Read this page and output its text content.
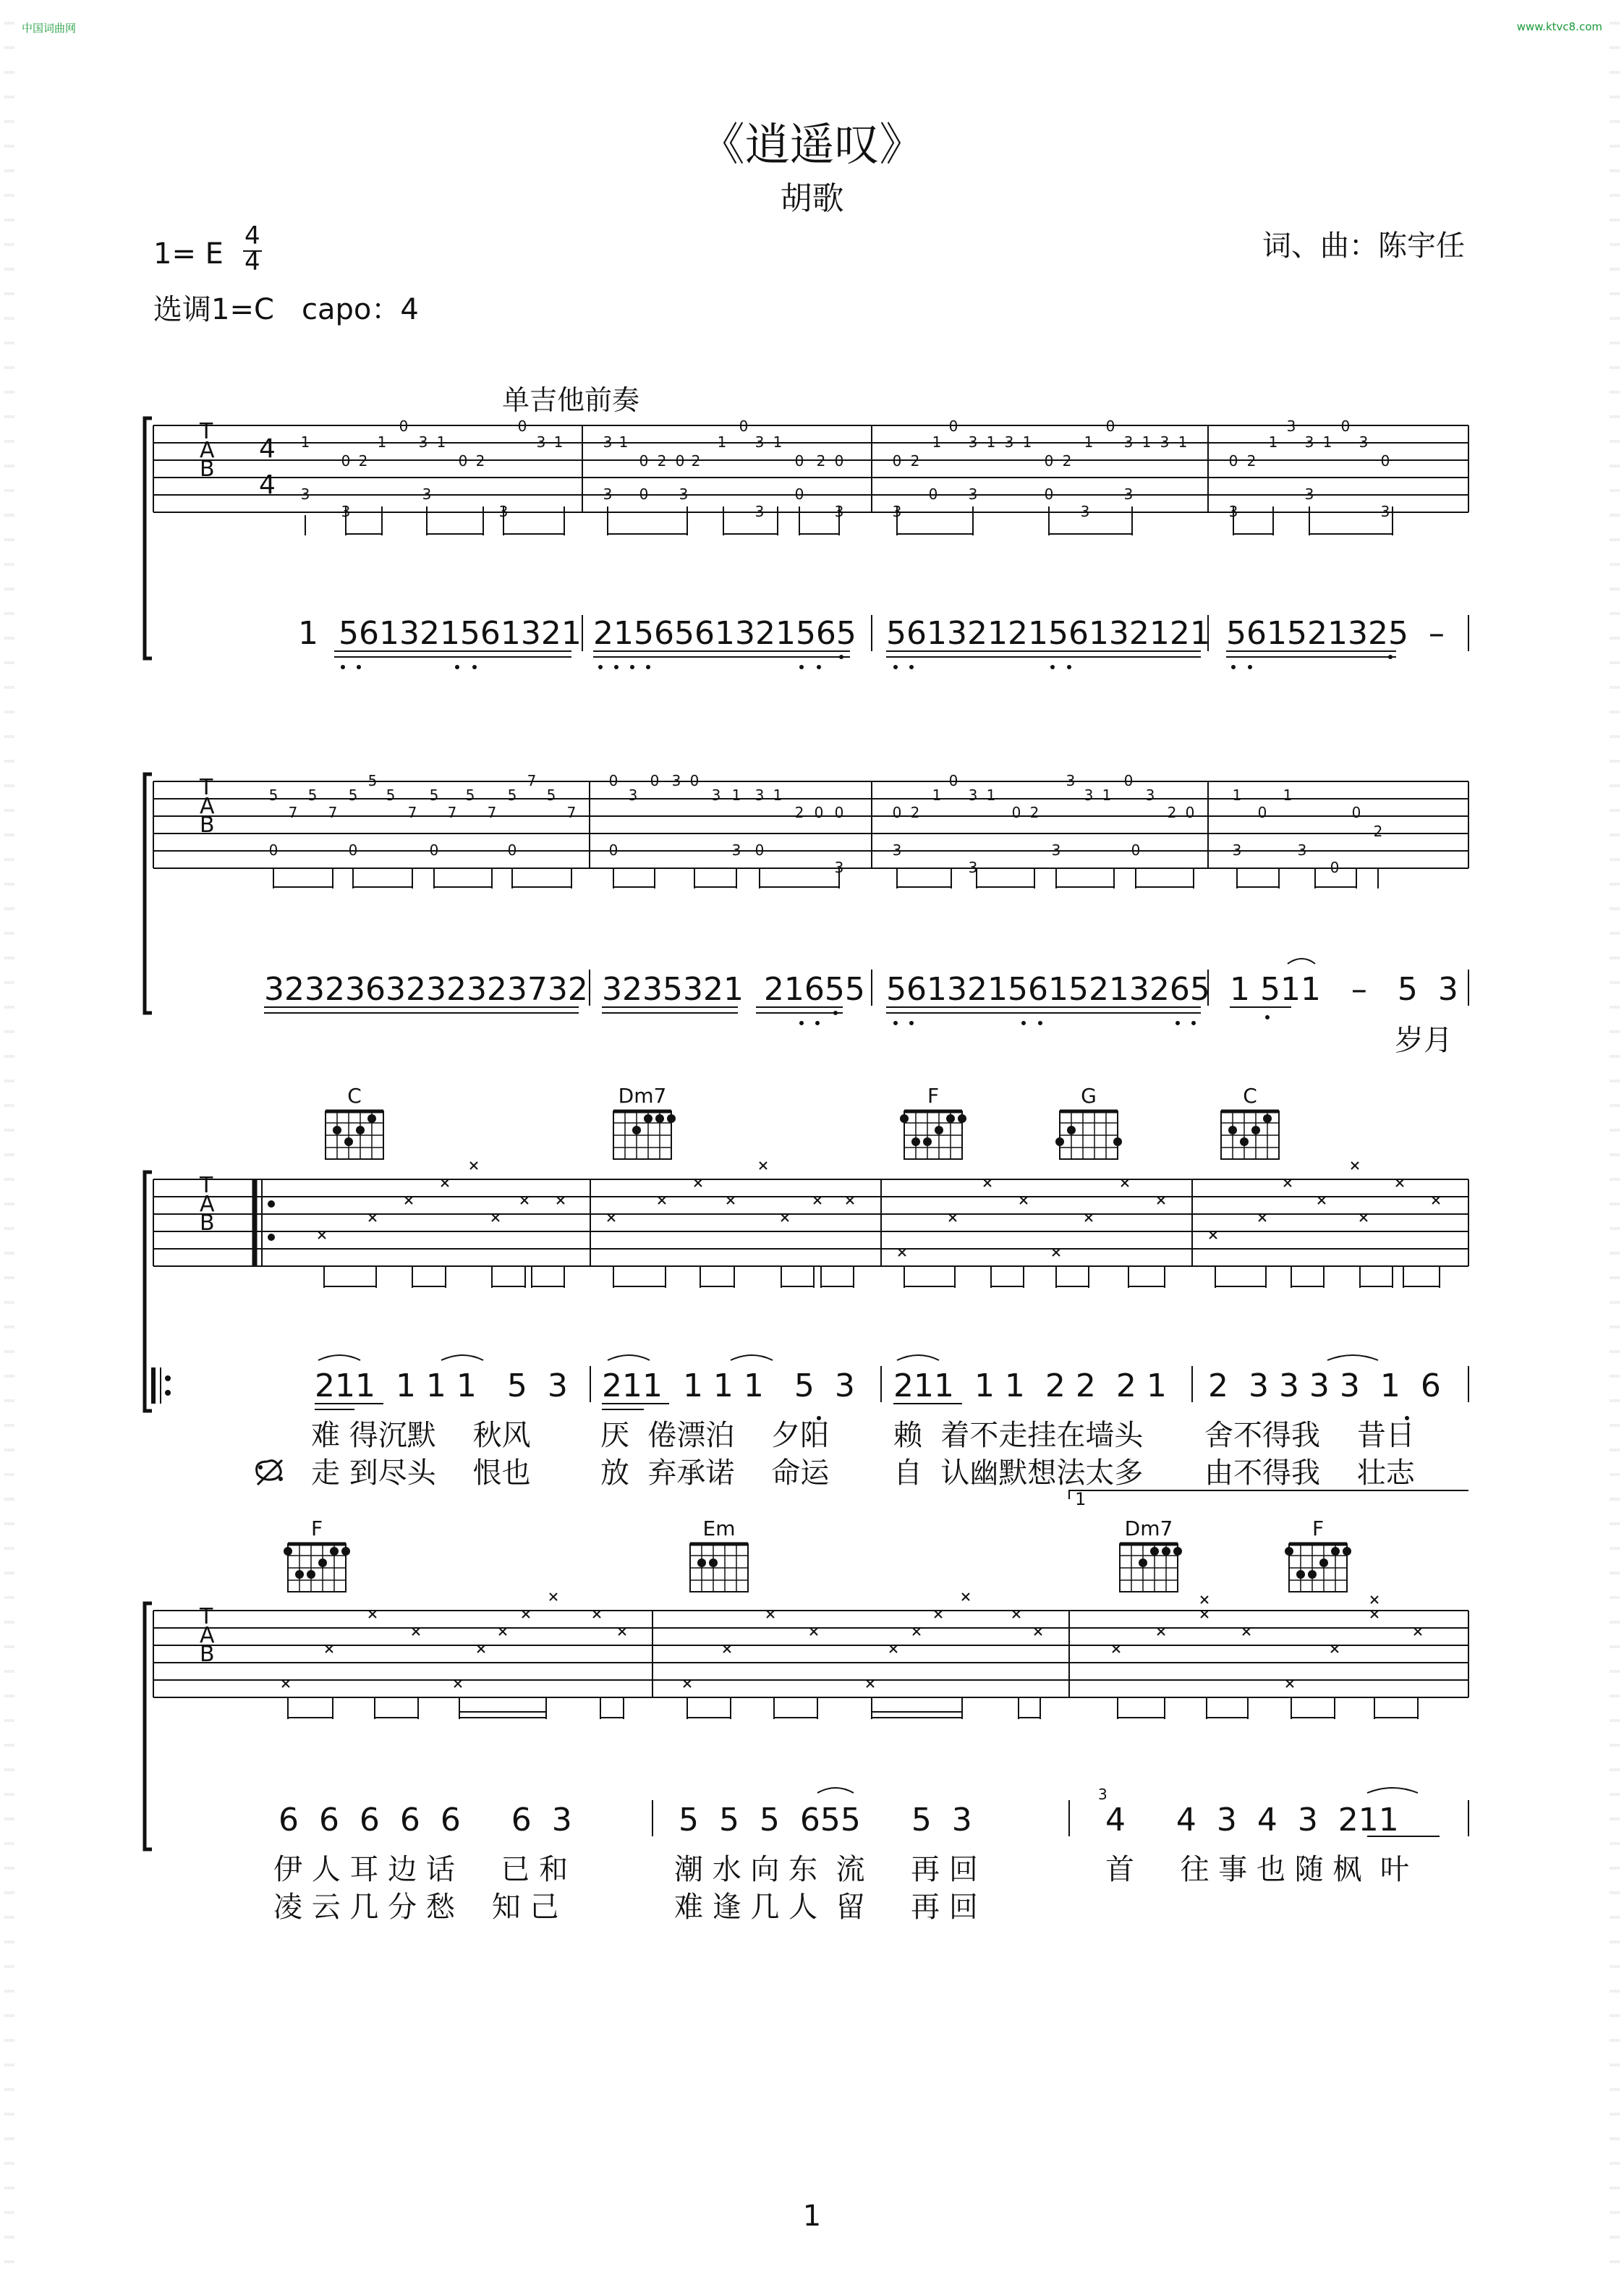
中国词曲网	www.ktvc8.com
《逍遥叹》
胡歌
词、曲：陈宇任
1= E
4
4
选调1=C   capo：4
单吉他前奏
1
0 2
1
0
3 1
0 2
0
3 1
3
3
3
3
3 1
0 2 0 2
1
0
3 1
0 2 0
3 0 3
3
0
3
0 2
1
0
3 1 3 1
3
0 3	0
0 2
1
0
3 1 3 1
3
3
0 2
1
3
3 1
0
3
0
3
3
3
5
7
5
7
5
5
5
7
5
7
5
7
5
7
5
7
0	0	0	0
0
3
0 3 0
3 1 3 1
2 0 0
0	3 0
3
0 2
1
0
3 1
0 2
3
3 1
0
3
2 0
3
3
3	0
1
0
1
0
2
3	3
0
T
A
B
4
4
T
A
B
T
A
B
T
A
B
1  561321561321 2156561321565 5613212156132121 561521325  –
3232363232323732 3235321  21655 5613215615213265 1 511   –   5  3
岁月
C	Dm7	F	G	C
F	Em	Dm7	F
211  1 1 1   5  3 211  1 1 1   5  3 211  1 1  2 2  2 1 2  3 3 3 3  1  6
难 得沉默    秋风 厌  倦漂泊    夕阳 赖  着不走挂在墙头 舍不得我    昔日
走 到尽头    恨也 放  弃承诺    命运 自  认幽默想法太多 由不得我    壮志
1
6  6  6  6  6     6  3	5  5  5  655     5  3	4     4  3  4  3  211
3
伊 人 耳 边 话     已 和	潮 水 向 东  流     再 回	首     往 事 也 随 枫  叶
凌 云 几 分 愁    知 己	难 逢 几 人  留     再 回
1
